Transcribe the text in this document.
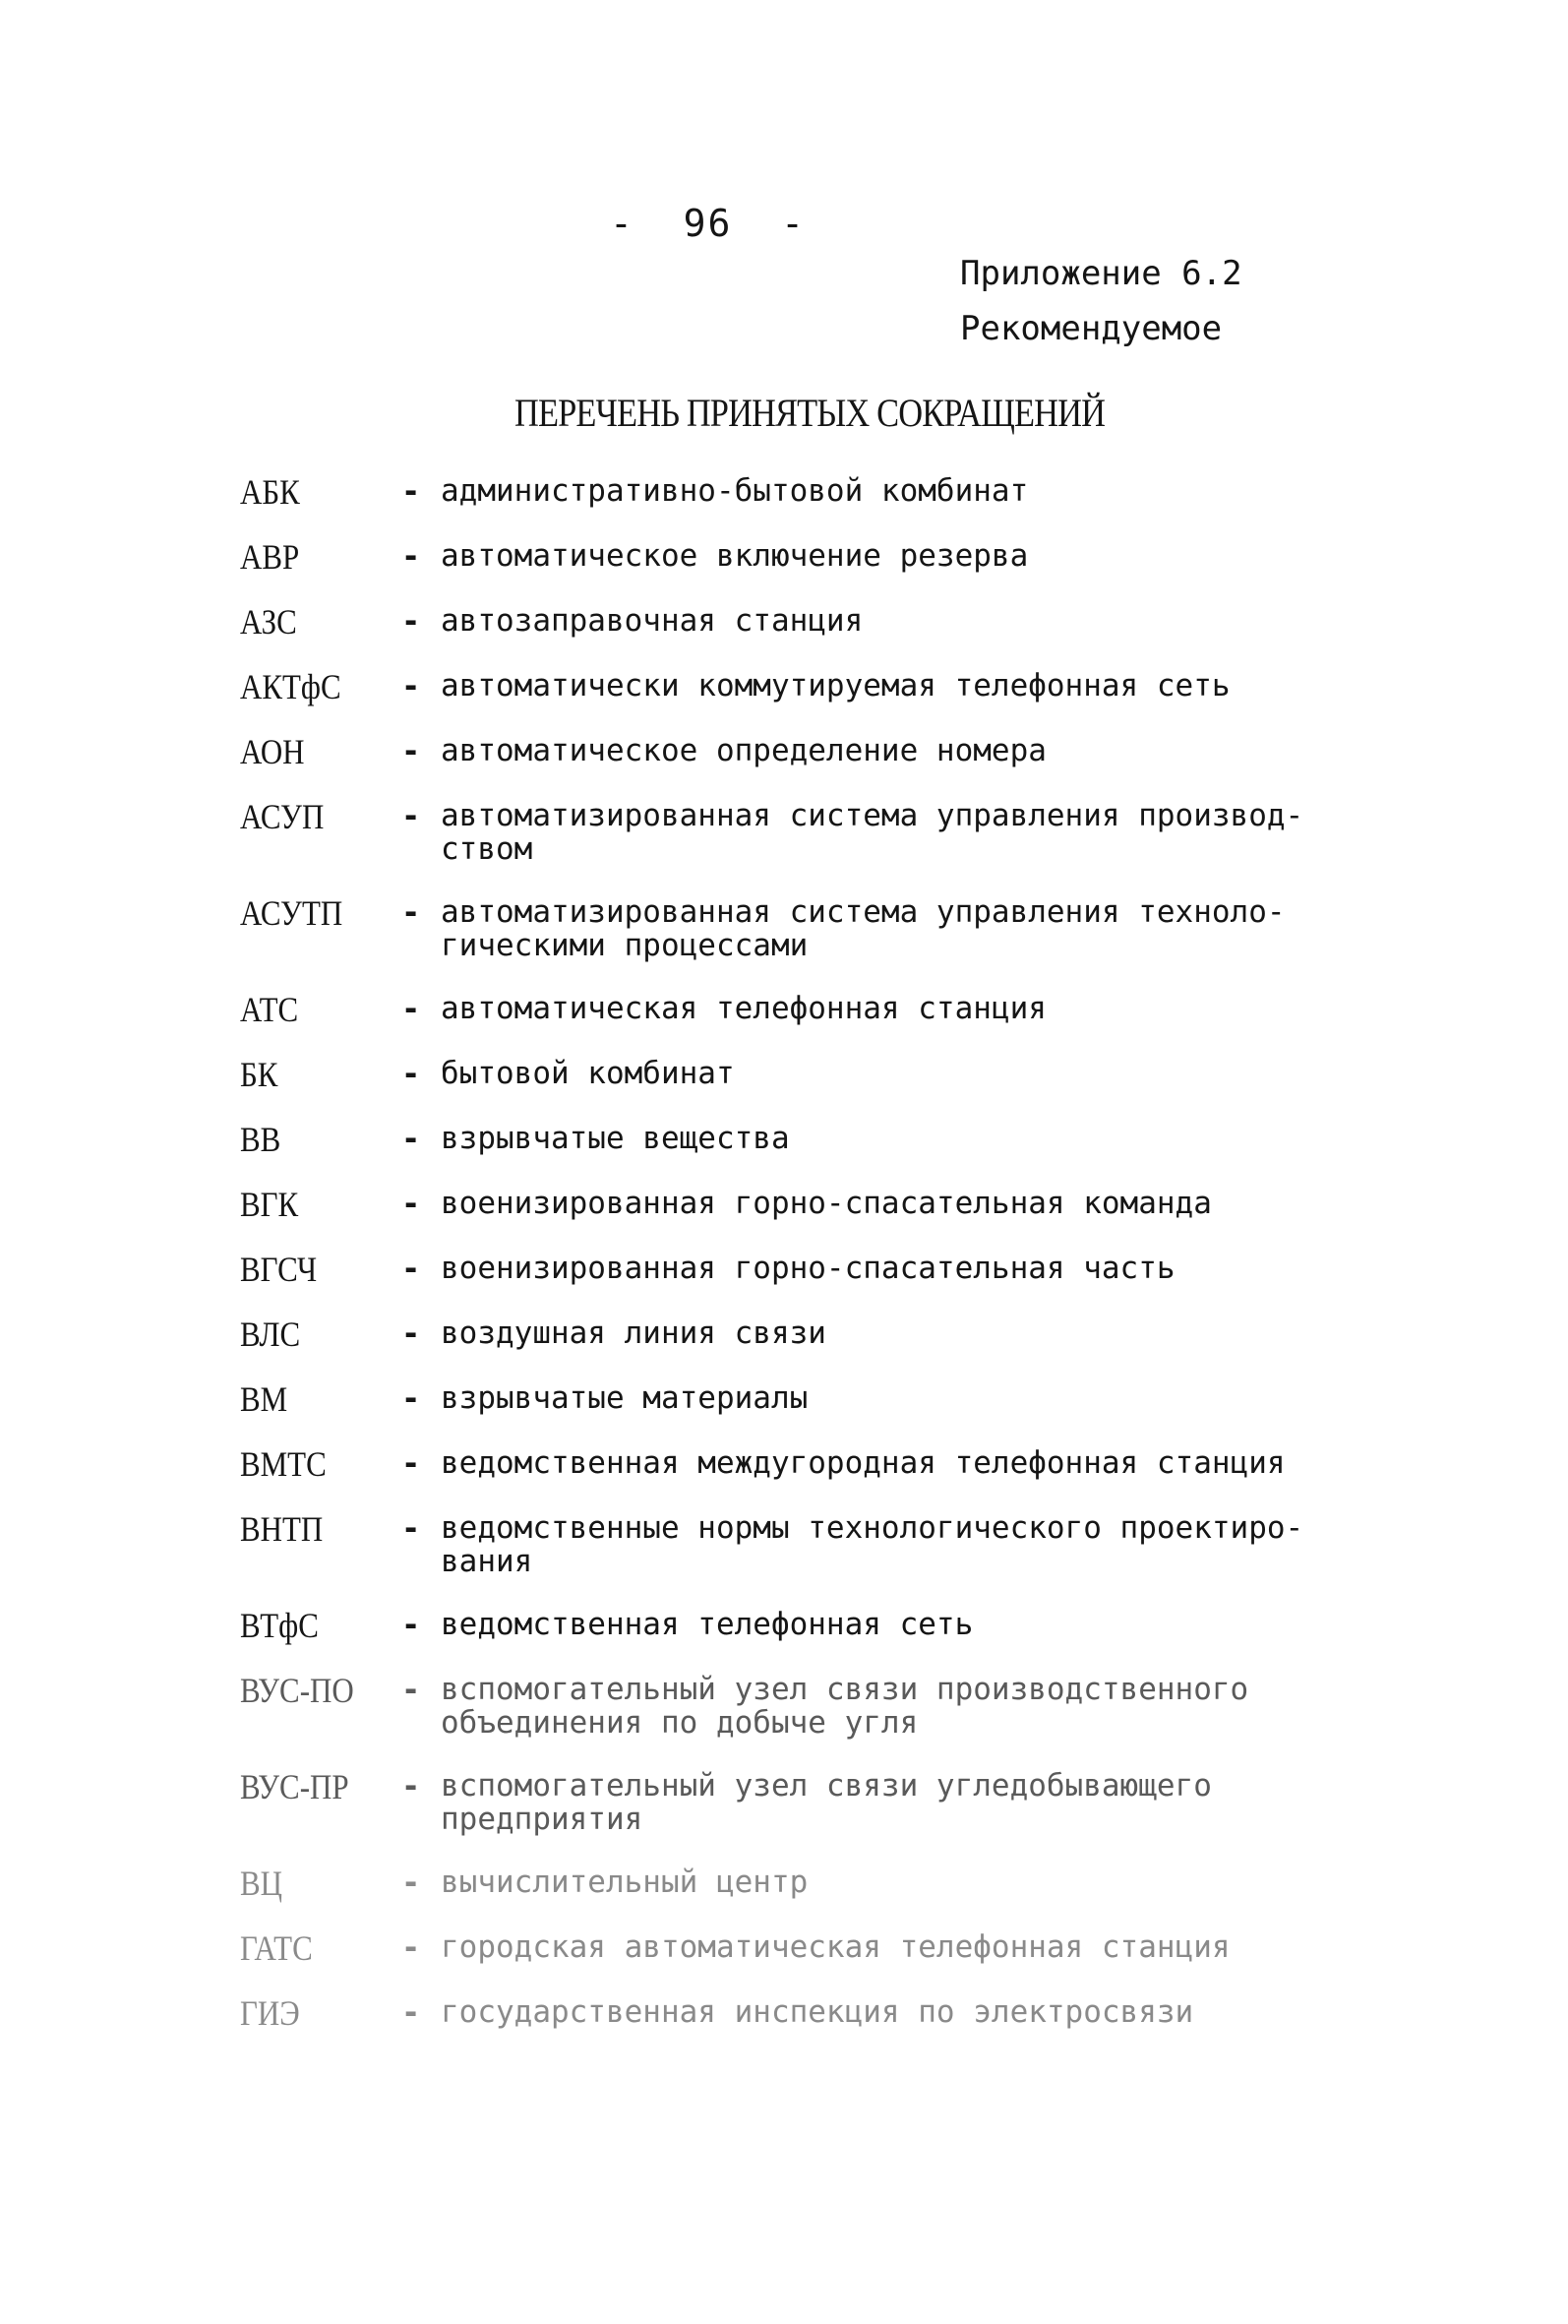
-  96  -
Приложение 6.2
Рекомендуемое
ПЕРЕЧЕНЬ ПРИНЯТЫХ СОКРАЩЕНИЙ
АБК	- административно-бытовой комбинат
АВР	- автоматическое включение резерва
АЗС	- автозаправочная станция
АКТфС	- автоматически коммутируемая телефонная сеть
АОН	- автоматическое определение номера
АСУП	- автоматизированная система управления производ-
ством
АСУТП	- автоматизированная система управления техноло-
гическими процессами
АТС	- автоматическая телефонная станция
БК	- бытовой комбинат
ВВ	- взрывчатые вещества
ВГК	- военизированная горно-спасательная команда
ВГСЧ	- военизированная горно-спасательная часть
ВЛС	- воздушная линия связи
ВМ	- взрывчатые материалы
ВМТС	- ведомственная междугородная телефонная станция
ВНТП	- ведомственные нормы технологического проектиро-
вания
ВТфС	- ведомственная телефонная сеть
ВУС-ПО	- вспомогательный узел связи производственного
объединения по добыче угля
ВУС-ПР	- вспомогательный узел связи угледобывающего
предприятия
ВЦ	- вычислительный центр
ГАТС	- городская автоматическая телефонная станция
ГИЭ	- государственная инспекция по электросвязи
